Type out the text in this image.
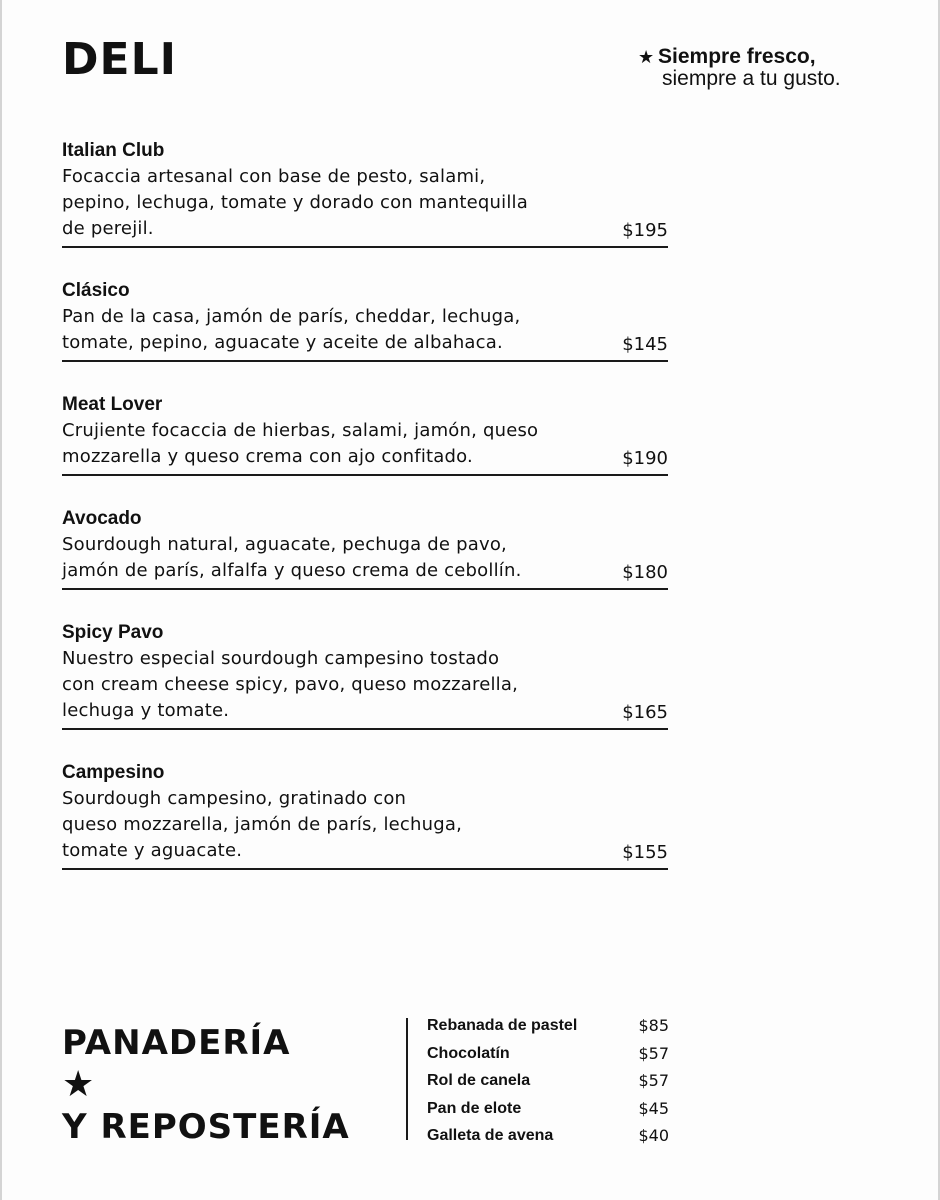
DELI	★ Siempre fresco,
siempre a tu gusto.

Italian Club

Focaccia artesanal con base de pesto, salami,
pepino, lechuga, tomate y dorado con mantequilla
de perejil.	$195

Clásico

Pan de la casa, jamón de parís, cheddar, lechuga,
tomate, pepino, aguacate y aceite de albahaca.	$145

Meat Lover

Crujiente focaccia de hierbas, salami, jamón, queso
mozzarella y queso crema con ajo confitado.	$190

Avocado

Sourdough natural, aguacate, pechuga de pavo,
jamón de parís, alfalfa y queso crema de cebollín.	$180

Spicy Pavo

Nuestro especial sourdough campesino tostado
con cream cheese spicy, pavo, queso mozzarella,
lechuga y tomate.	$165

Campesino

Sourdough campesino, gratinado con
queso mozzarella, jamón de parís, lechuga,
tomate y aguacate.	$155
PANADERÍA
★
Y REPOSTERÍA
Rebanada de pastel	$85
Chocolatín	$57
Rol de canela	$57
Pan de elote	$45
Galleta de avena	$40
